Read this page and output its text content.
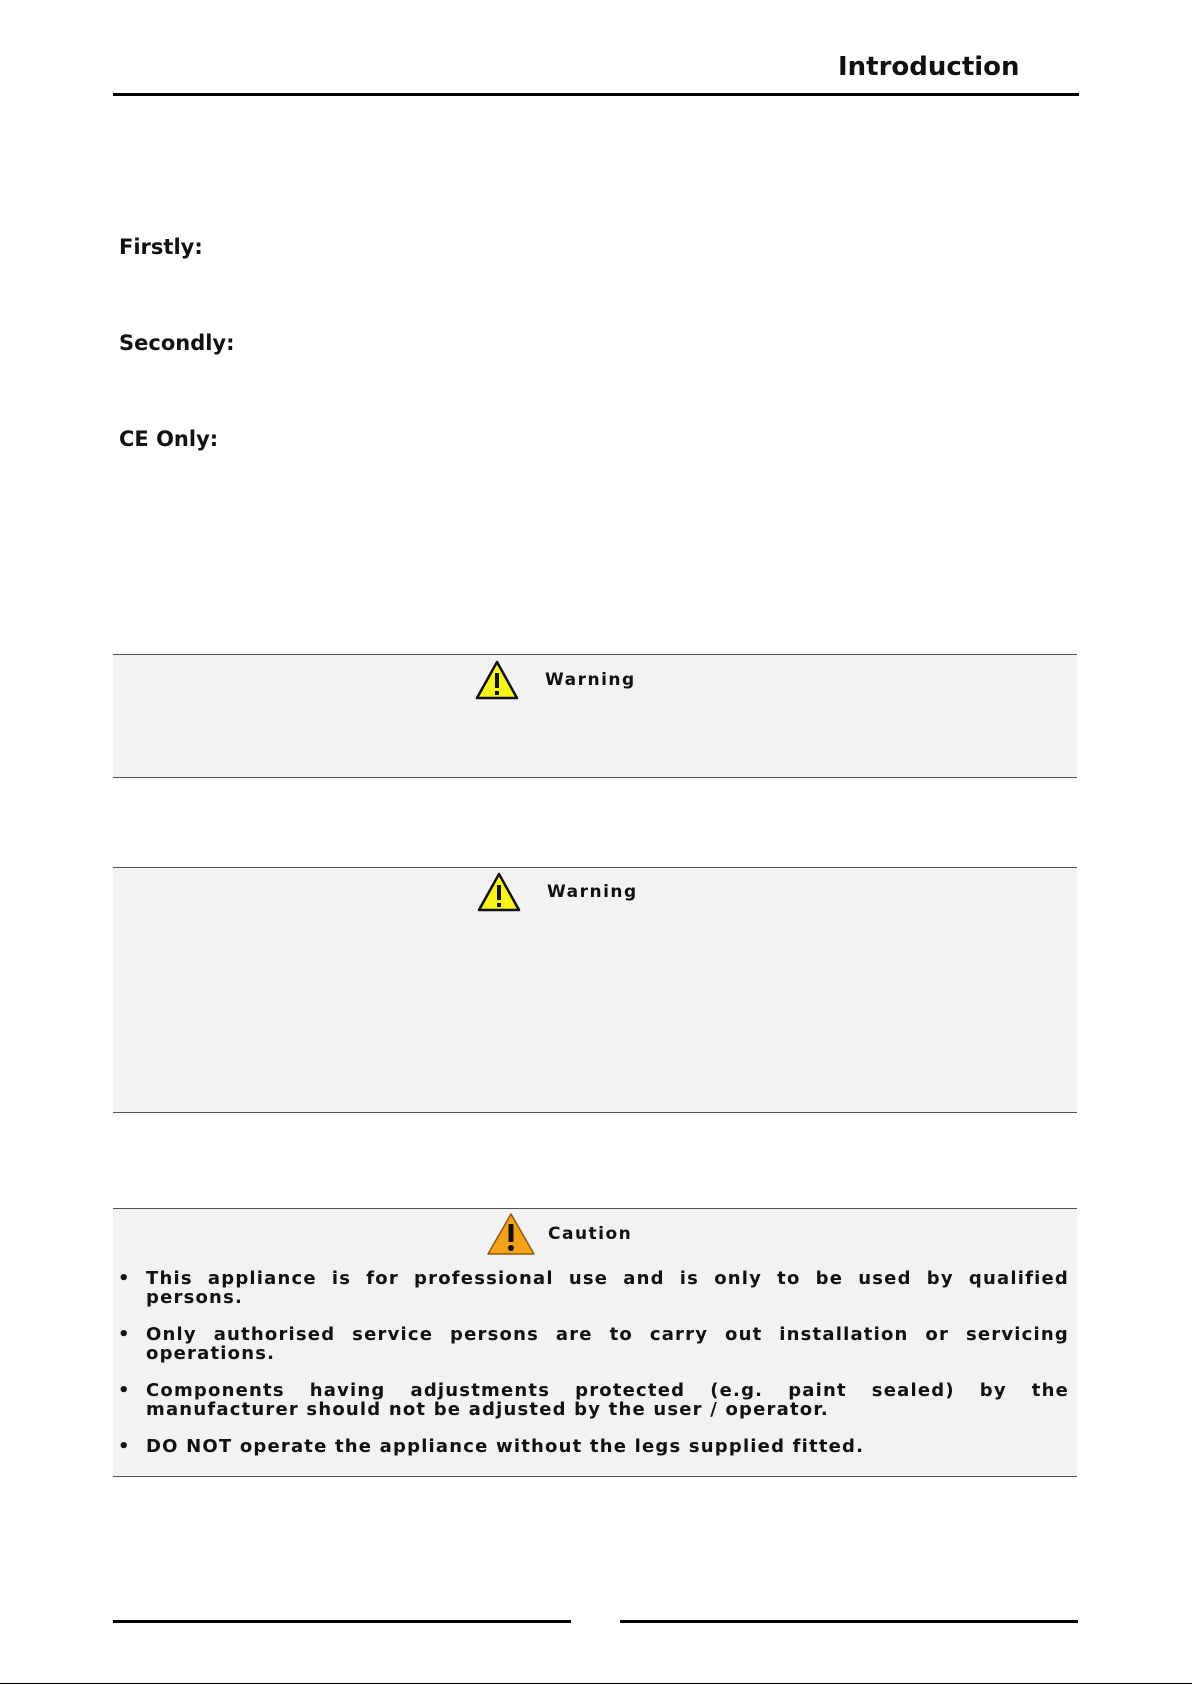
Introduction
Firstly:
Secondly:
CE Only:
Warning
Warning
Caution
• This appliance is for professional use and is only to be used by qualified persons.
• Only authorised service persons are to carry out installation or servicing operations.
• Components having adjustments protected (e.g. paint sealed) by the manufacturer should not be adjusted by the user / operator.
• DO NOT operate the appliance without the legs supplied fitted.
